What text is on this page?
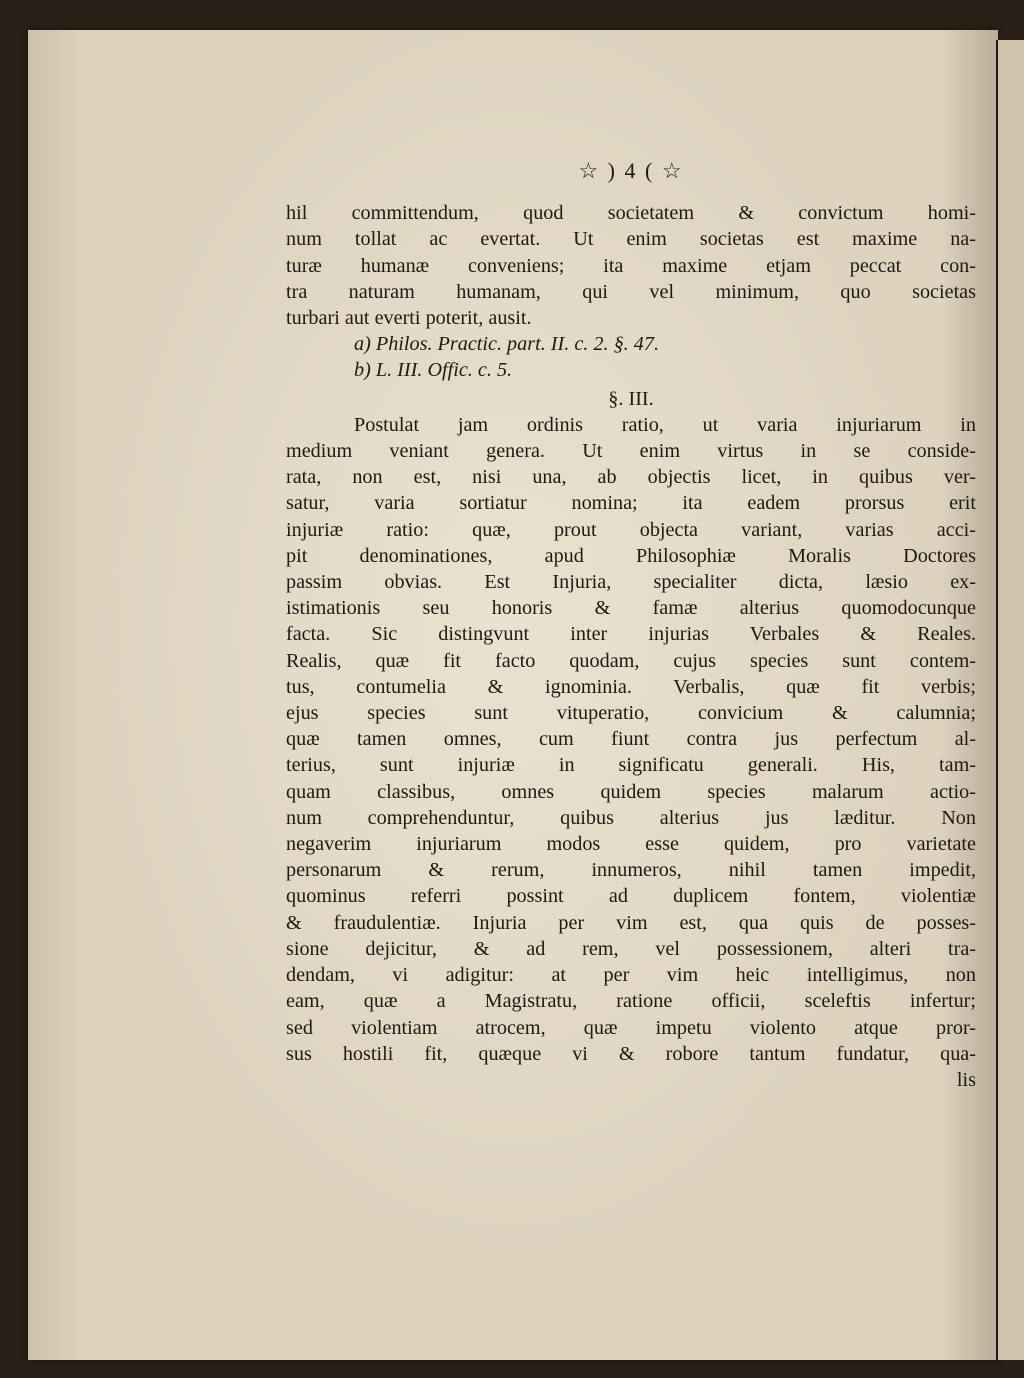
☆ ) 4 ( ☆
hil committendum, quod societatem & convictum homi-
num tollat ac evertat. Ut enim societas est maxime na-
turæ humanæ conveniens; ita maxime etjam peccat con-
tra naturam humanam, qui vel minimum, quo societas
turbari aut everti poterit, ausit.
a) Philos. Practic. part. II. c. 2. §. 47.
b) L. III. Offic. c. 5.
§. III.
Postulat jam ordinis ratio, ut varia injuriarum in
medium veniant genera. Ut enim virtus in se conside-
rata, non est, nisi una, ab objectis licet, in quibus ver-
satur, varia sortiatur nomina; ita eadem prorsus erit
injuriæ ratio: quæ, prout objecta variant, varias acci-
pit denominationes, apud Philosophiæ Moralis Doctores
passim obvias. Est Injuria, specialiter dicta, læsio ex-
istimationis seu honoris & famæ alterius quomodocunque
facta. Sic distingvunt inter injurias Verbales & Reales.
Realis, quæ fit facto quodam, cujus species sunt contem-
tus, contumelia & ignominia. Verbalis, quæ fit verbis;
ejus species sunt vituperatio, convicium & calumnia;
quæ tamen omnes, cum fiunt contra jus perfectum al-
terius, sunt injuriæ in significatu generali. His, tam-
quam classibus, omnes quidem species malarum actio-
num comprehenduntur, quibus alterius jus læditur. Non
negaverim injuriarum modos esse quidem, pro varietate
personarum & rerum, innumeros, nihil tamen impedit,
quominus referri possint ad duplicem fontem, violentiæ
& fraudulentiæ. Injuria per vim est, qua quis de posses-
sione dejicitur, & ad rem, vel possessionem, alteri tra-
dendam, vi adigitur: at per vim heic intelligimus, non
eam, quæ a Magistratu, ratione officii, sceleftis infertur;
sed violentiam atrocem, quæ impetu violento atque pror-
sus hostili fit, quæque vi & robore tantum fundatur, qua-
lis
